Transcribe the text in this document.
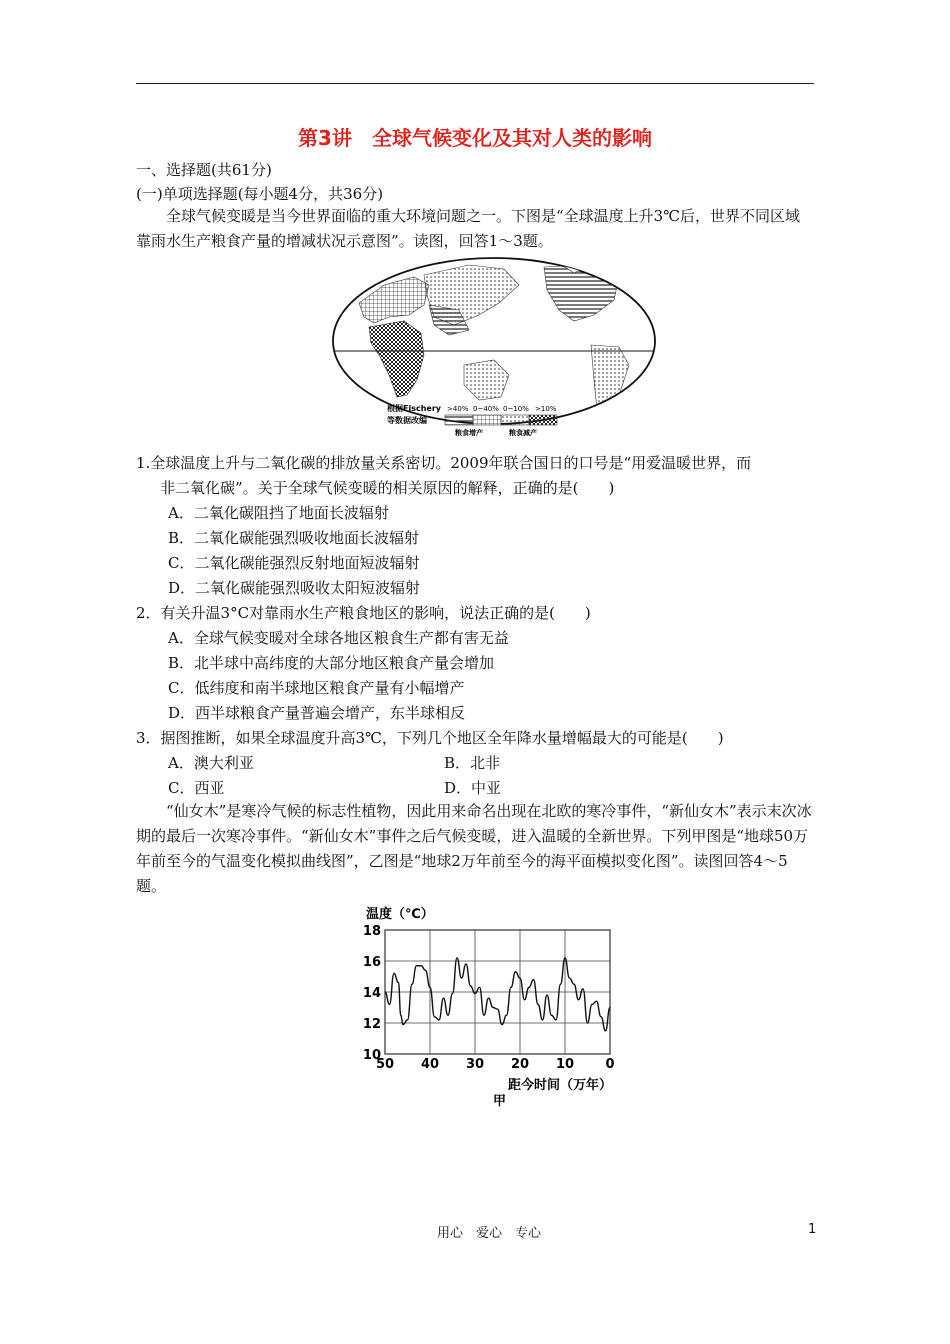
第3讲　全球气候变化及其对人类的影响
一、选择题(共61分)
(一)单项选择题(每小题4分，共36分)
全球气候变暖是当今世界面临的重大环境问题之一。下图是“全球温度上升3℃后，世界不同区域靠雨水生产粮食产量的增减状况示意图”。读图，回答1～3题。
根据Fischery
等数据改编
>40% 0~40% 0~10% >10%
粮食增产	粮食减产
1.全球温度上升与二氧化碳的排放量关系密切。2009年联合国日的口号是“用爱温暖世界，而
非二氧化碳”。关于全球气候变暖的相关原因的解释，正确的是(　　)
A．二氧化碳阻挡了地面长波辐射
B．二氧化碳能强烈吸收地面长波辐射
C．二氧化碳能强烈反射地面短波辐射
D．二氧化碳能强烈吸收太阳短波辐射
2．有关升温3°C对靠雨水生产粮食地区的影响，说法正确的是(　　)
A．全球气候变暖对全球各地区粮食生产都有害无益
B．北半球中高纬度的大部分地区粮食产量会增加
C．低纬度和南半球地区粮食产量有小幅增产
D．西半球粮食产量普遍会增产，东半球相反
3．据图推断，如果全球温度升高3℃，下列几个地区全年降水量增幅最大的可能是(　　)
A．澳大利亚	B．北非
C．西亚	D．中亚
“仙女木”是寒冷气候的标志性植物，因此用来命名出现在北欧的寒冷事件，“新仙女木”表示末次冰期的最后一次寒冷事件。“新仙女木”事件之后气候变暖，进入温暖的全新世界。下列甲图是“地球50万年前至今的气温变化模拟曲线图”，乙图是“地球2万年前至今的海平面模拟变化图”。读图回答4～5题。
温度（℃）
18
16
14
12
10
50 40 30 20 10 0
距今时间（万年）
甲
用心　爱心　专心	1
